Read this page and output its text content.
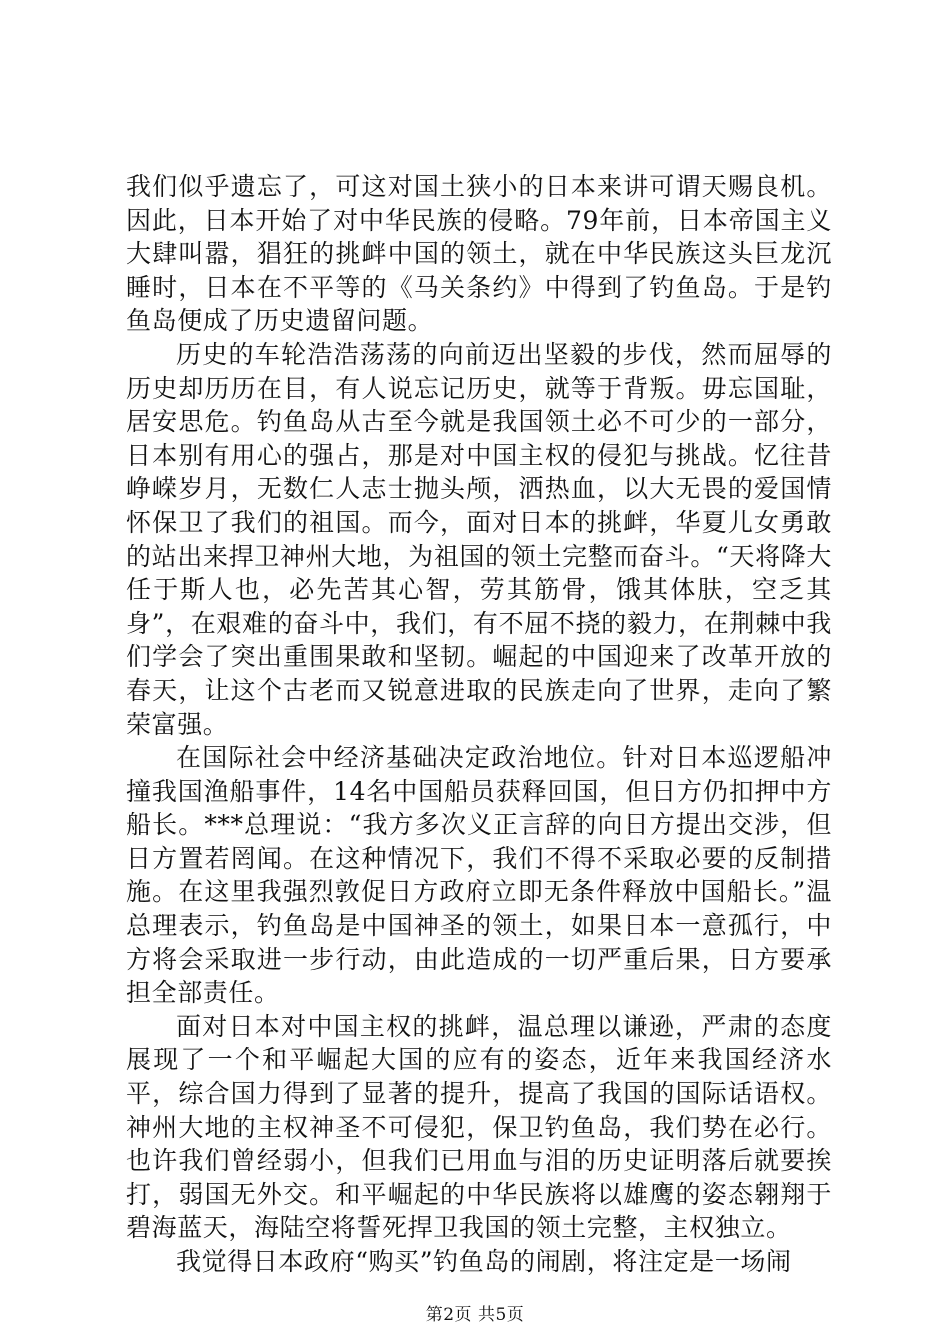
我们似乎遗忘了，可这对国土狭小的日本来讲可谓天赐良机。因此，日本开始了对中华民族的侵略。79年前，日本帝国主义大肆叫嚣，猖狂的挑衅中国的领土，就在中华民族这头巨龙沉睡时，日本在不平等的《马关条约》中得到了钓鱼岛。于是钓鱼岛便成了历史遗留问题。

历史的车轮浩浩荡荡的向前迈出坚毅的步伐，然而屈辱的历史却历历在目，有人说忘记历史，就等于背叛。毋忘国耻，居安思危。钓鱼岛从古至今就是我国领土必不可少的一部分，日本别有用心的强占，那是对中国主权的侵犯与挑战。忆往昔峥嵘岁月，无数仁人志士抛头颅，洒热血，以大无畏的爱国情怀保卫了我们的祖国。而今，面对日本的挑衅，华夏儿女勇敢的站出来捍卫神州大地，为祖国的领土完整而奋斗。“天将降大任于斯人也，必先苦其心智，劳其筋骨，饿其体肤，空乏其身”，在艰难的奋斗中，我们，有不屈不挠的毅力，在荆棘中我们学会了突出重围果敢和坚韧。崛起的中国迎来了改革开放的春天，让这个古老而又锐意进取的民族走向了世界，走向了繁荣富强。

在国际社会中经济基础决定政治地位。针对日本巡逻船冲撞我国渔船事件，14名中国船员获释回国，但日方仍扣押中方船长。***总理说：“我方多次义正言辞的向日方提出交涉，但日方置若罔闻。在这种情况下，我们不得不采取必要的反制措施。在这里我强烈敦促日方政府立即无条件释放中国船长。”温总理表示，钓鱼岛是中国神圣的领土，如果日本一意孤行，中方将会采取进一步行动，由此造成的一切严重后果，日方要承担全部责任。

面对日本对中国主权的挑衅，温总理以谦逊，严肃的态度展现了一个和平崛起大国的应有的姿态，近年来我国经济水平，综合国力得到了显著的提升，提高了我国的国际话语权。神州大地的主权神圣不可侵犯，保卫钓鱼岛，我们势在必行。也许我们曾经弱小，但我们已用血与泪的历史证明落后就要挨打，弱国无外交。和平崛起的中华民族将以雄鹰的姿态翱翔于碧海蓝天，海陆空将誓死捍卫我国的领土完整，主权独立。

我觉得日本政府“购买”钓鱼岛的闹剧，将注定是一场闹

第2页 共5页
